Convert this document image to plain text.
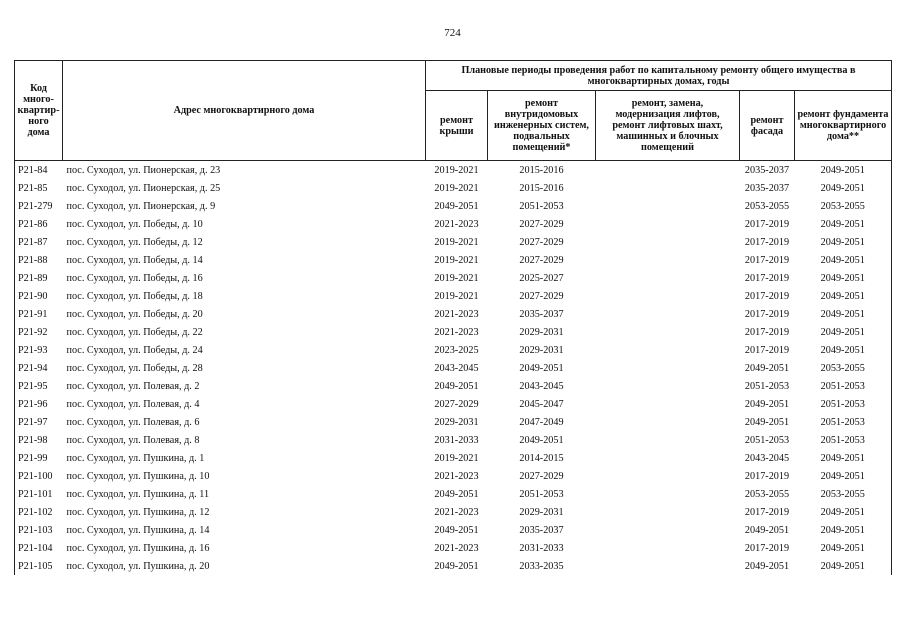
724
Код много-квартир-ного дома	Адрес многоквартирного дома	Плановые периоды проведения работ по капитальному ремонту общего имущества в многоквартирных домах, годы				
		ремонт крыши	ремонт внутридомовых инженерных систем, подвальных помещений*	ремонт, замена, модернизация лифтов, ремонт лифтовых шахт, машинных и блочных помещений	ремонт фасада	ремонт фундамента многоквартирного дома**
Р21-84	пос. Суходол, ул. Пионерская, д. 23	2019-2021	2015-2016		2035-2037	2049-2051
Р21-85	пос. Суходол, ул. Пионерская, д. 25	2019-2021	2015-2016		2035-2037	2049-2051
Р21-279	пос. Суходол, ул. Пионерская, д. 9	2049-2051	2051-2053		2053-2055	2053-2055
Р21-86	пос. Суходол, ул. Победы, д. 10	2021-2023	2027-2029		2017-2019	2049-2051
Р21-87	пос. Суходол, ул. Победы, д. 12	2019-2021	2027-2029		2017-2019	2049-2051
Р21-88	пос. Суходол, ул. Победы, д. 14	2019-2021	2027-2029		2017-2019	2049-2051
Р21-89	пос. Суходол, ул. Победы, д. 16	2019-2021	2025-2027		2017-2019	2049-2051
Р21-90	пос. Суходол, ул. Победы, д. 18	2019-2021	2027-2029		2017-2019	2049-2051
Р21-91	пос. Суходол, ул. Победы, д. 20	2021-2023	2035-2037		2017-2019	2049-2051
Р21-92	пос. Суходол, ул. Победы, д. 22	2021-2023	2029-2031		2017-2019	2049-2051
Р21-93	пос. Суходол, ул. Победы, д. 24	2023-2025	2029-2031		2017-2019	2049-2051
Р21-94	пос. Суходол, ул. Победы, д. 28	2043-2045	2049-2051		2049-2051	2053-2055
Р21-95	пос. Суходол, ул. Полевая, д. 2	2049-2051	2043-2045		2051-2053	2051-2053
Р21-96	пос. Суходол, ул. Полевая, д. 4	2027-2029	2045-2047		2049-2051	2051-2053
Р21-97	пос. Суходол, ул. Полевая, д. 6	2029-2031	2047-2049		2049-2051	2051-2053
Р21-98	пос. Суходол, ул. Полевая, д. 8	2031-2033	2049-2051		2051-2053	2051-2053
Р21-99	пос. Суходол, ул. Пушкина, д. 1	2019-2021	2014-2015		2043-2045	2049-2051
Р21-100	пос. Суходол, ул. Пушкина, д. 10	2021-2023	2027-2029		2017-2019	2049-2051
Р21-101	пос. Суходол, ул. Пушкина, д. 11	2049-2051	2051-2053		2053-2055	2053-2055
Р21-102	пос. Суходол, ул. Пушкина, д. 12	2021-2023	2029-2031		2017-2019	2049-2051
Р21-103	пос. Суходол, ул. Пушкина, д. 14	2049-2051	2035-2037		2049-2051	2049-2051
Р21-104	пос. Суходол, ул. Пушкина, д. 16	2021-2023	2031-2033		2017-2019	2049-2051
Р21-105	пос. Суходол, ул. Пушкина, д. 20	2049-2051	2033-2035		2049-2051	2049-2051
